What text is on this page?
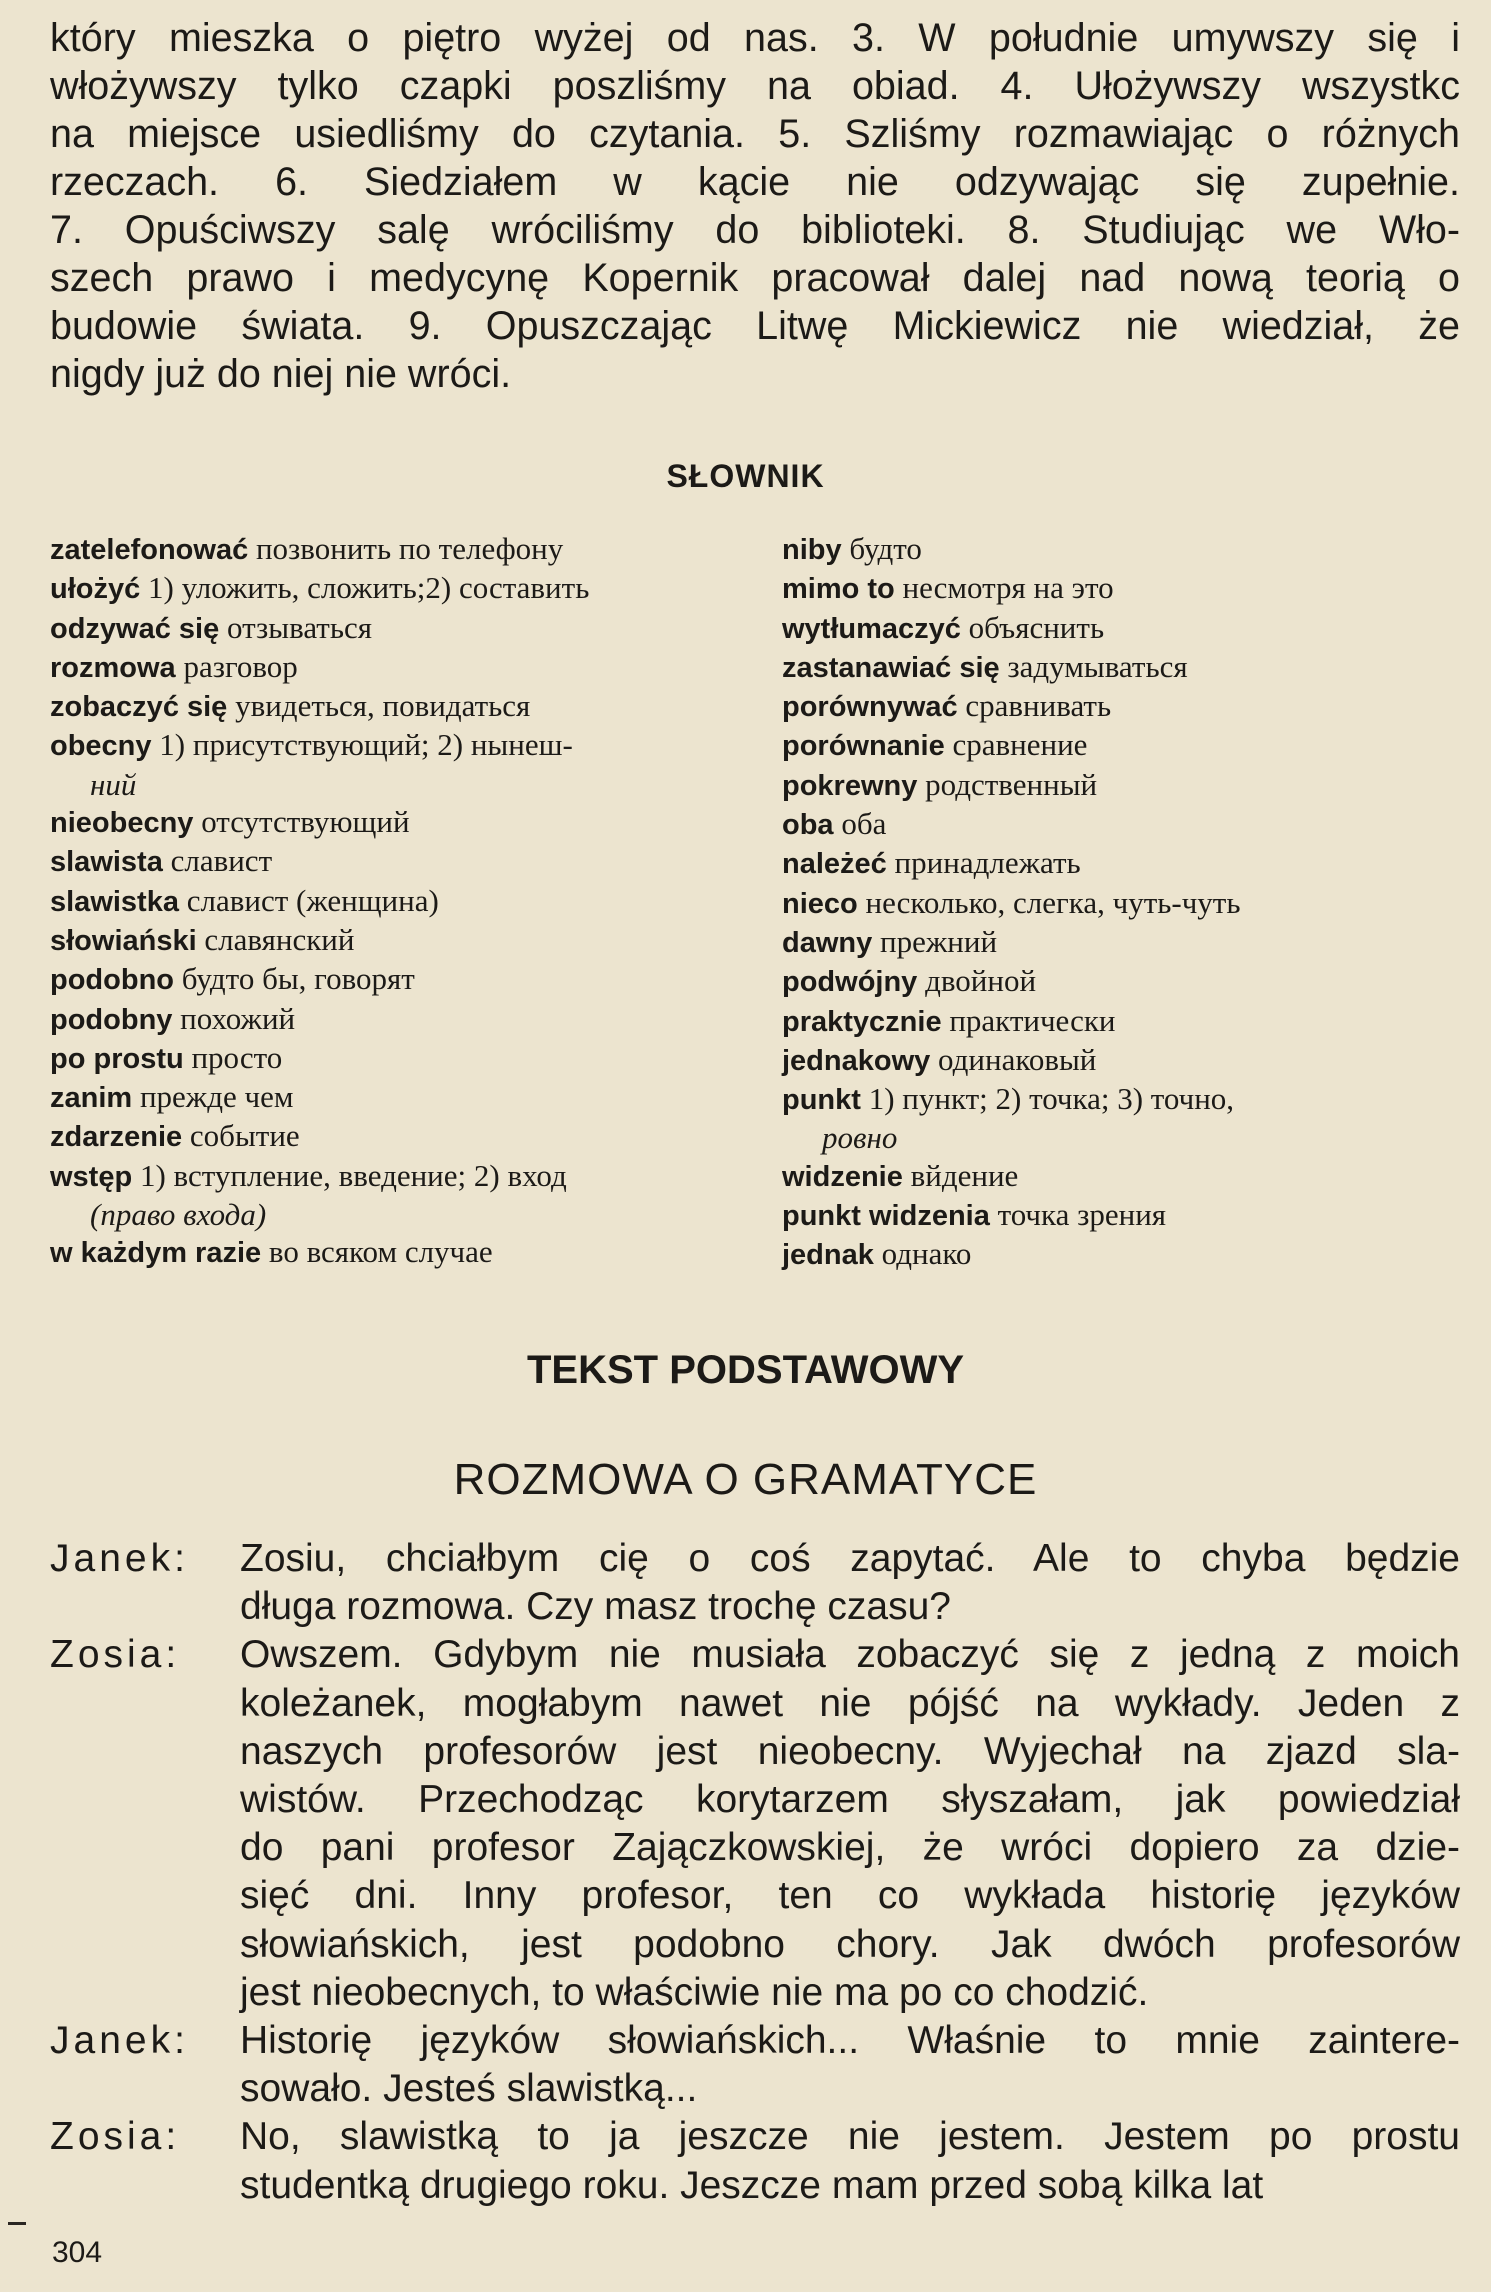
który mieszka o piętro wyżej od nas. 3. W południe umywszy się i
włożywszy tylko czapki poszliśmy na obiad. 4. Ułożywszy wszystkc
na miejsce usiedliśmy do czytania. 5. Szliśmy rozmawiając o różnych
rzeczach. 6. Siedziałem w kącie nie odzywając się zupełnie.
7. Opuściwszy salę wróciliśmy do biblioteki. 8. Studiując we Wło-
szech prawo i medycynę Kopernik pracował dalej nad nową teorią o
budowie świata. 9. Opuszczając Litwę Mickiewicz nie wiedział, że
nigdy już do niej nie wróci.
SŁOWNIK
zatelefonować позвонить по телефону
ułożyć 1) уложить, сложить;2) составить
odzywać się отзываться
rozmowa разговор
zobaczyć się увидеться, повидаться
obecny 1) присутствующий; 2) нынеш-
ний
nieobecny отсутствующий
slawista славист
slawistka славист (женщина)
słowiański славянский
podobno будто бы, говорят
podobny похожий
po prostu просто
zanim прежде чем
zdarzenie событие
wstęp 1) вступление, введение; 2) вход
(право входа)
w każdym razie во всяком случае
niby будто
mimo to несмотря на это
wytłumaczyć объяснить
zastanawiać się задумываться
porównywać сравнивать
porównanie сравнение
pokrewny родственный
oba оба
należeć принадлежать
nieco несколько, слегка, чуть-чуть
dawny прежний
podwójny двойной
praktycznie практически
jednakowy одинаковый
punkt 1) пункт; 2) точка; 3) точно,
ровно
widzenie вйдение
punkt widzenia точка зрения
jednak однако
TEKST PODSTAWOWY
ROZMOWA O GRAMATYCE
Janek:	Zosiu, chciałbym cię o coś zapytać. Ale to chyba będzie
długa rozmowa. Czy masz trochę czasu?
Zosia:	Owszem. Gdybym nie musiała zobaczyć się z jedną z moich
koleżanek, mogłabym nawet nie pójść na wykłady. Jeden z
naszych profesorów jest nieobecny. Wyjechał na zjazd sla-
wistów. Przechodząc korytarzem słyszałam, jak powiedział
do pani profesor Zajączkowskiej, że wróci dopiero za dzie-
sięć dni. Inny profesor, ten co wykłada historię języków
słowiańskich, jest podobno chory. Jak dwóch profesorów
jest nieobecnych, to właściwie nie ma po co chodzić.
Janek:	Historię języków słowiańskich... Właśnie to mnie zaintere-
sowało. Jesteś slawistką...
Zosia:	No, slawistką to ja jeszcze nie jestem. Jestem po prostu
studentką drugiego roku. Jeszcze mam przed sobą kilka lat
304
